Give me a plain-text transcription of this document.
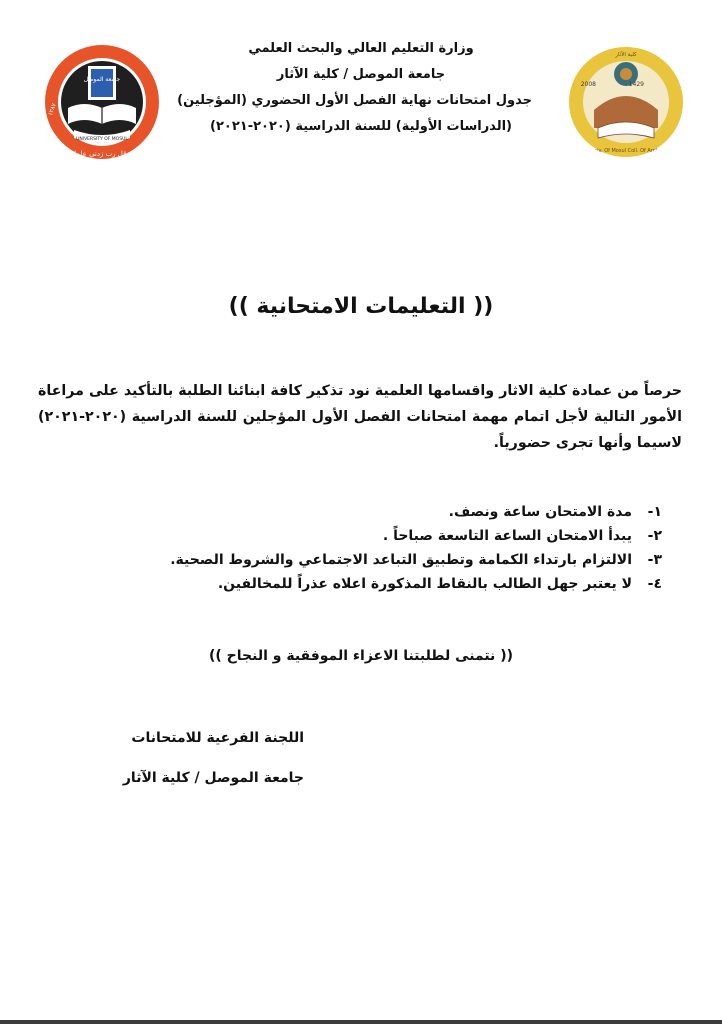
جامعة الموصل
UNIVERSITY OF MOSUL
١٣٨٧
وقل رب زدني علما
2008	1429
Univ. Of Mosul Coll. Of Archa
كلية الآثار
وزارة التعليم العالي والبحث العلمي
جامعة الموصل / كلية الآثار
جدول امتحانات نهاية الفصل الأول الحضوري (المؤجلين)
(الدراسات الأولية) للسنة الدراسية (٢٠٢٠-٢٠٢١)
(( التعليمات الامتحانية ))
حرصاً من عمادة كلية الاثار واقسامها العلمية نود تذكير كافة ابنائنا الطلبة بالتأكيد على مراعاة الأمور التالية لأجل اتمام مهمة امتحانات الفصل الأول المؤجلين للسنة الدراسية (٢٠٢٠-٢٠٢١) لاسيما وأنها تجرى حضورياً.
١-
مدة الامتحان ساعة ونصف.
٢-
يبدأ الامتحان الساعة التاسعة صباحاً .
٣-
الالتزام بارتداء الكمامة وتطبيق التباعد الاجتماعي والشروط الصحية.
٤-
لا يعتبر جهل الطالب بالنقاط المذكورة اعلاه عذراً للمخالفين.
(( نتمنى لطلبتنا الاعزاء الموفقية و النجاح ))
اللجنة الفرعية للامتحانات
جامعة الموصل / كلية الآثار
